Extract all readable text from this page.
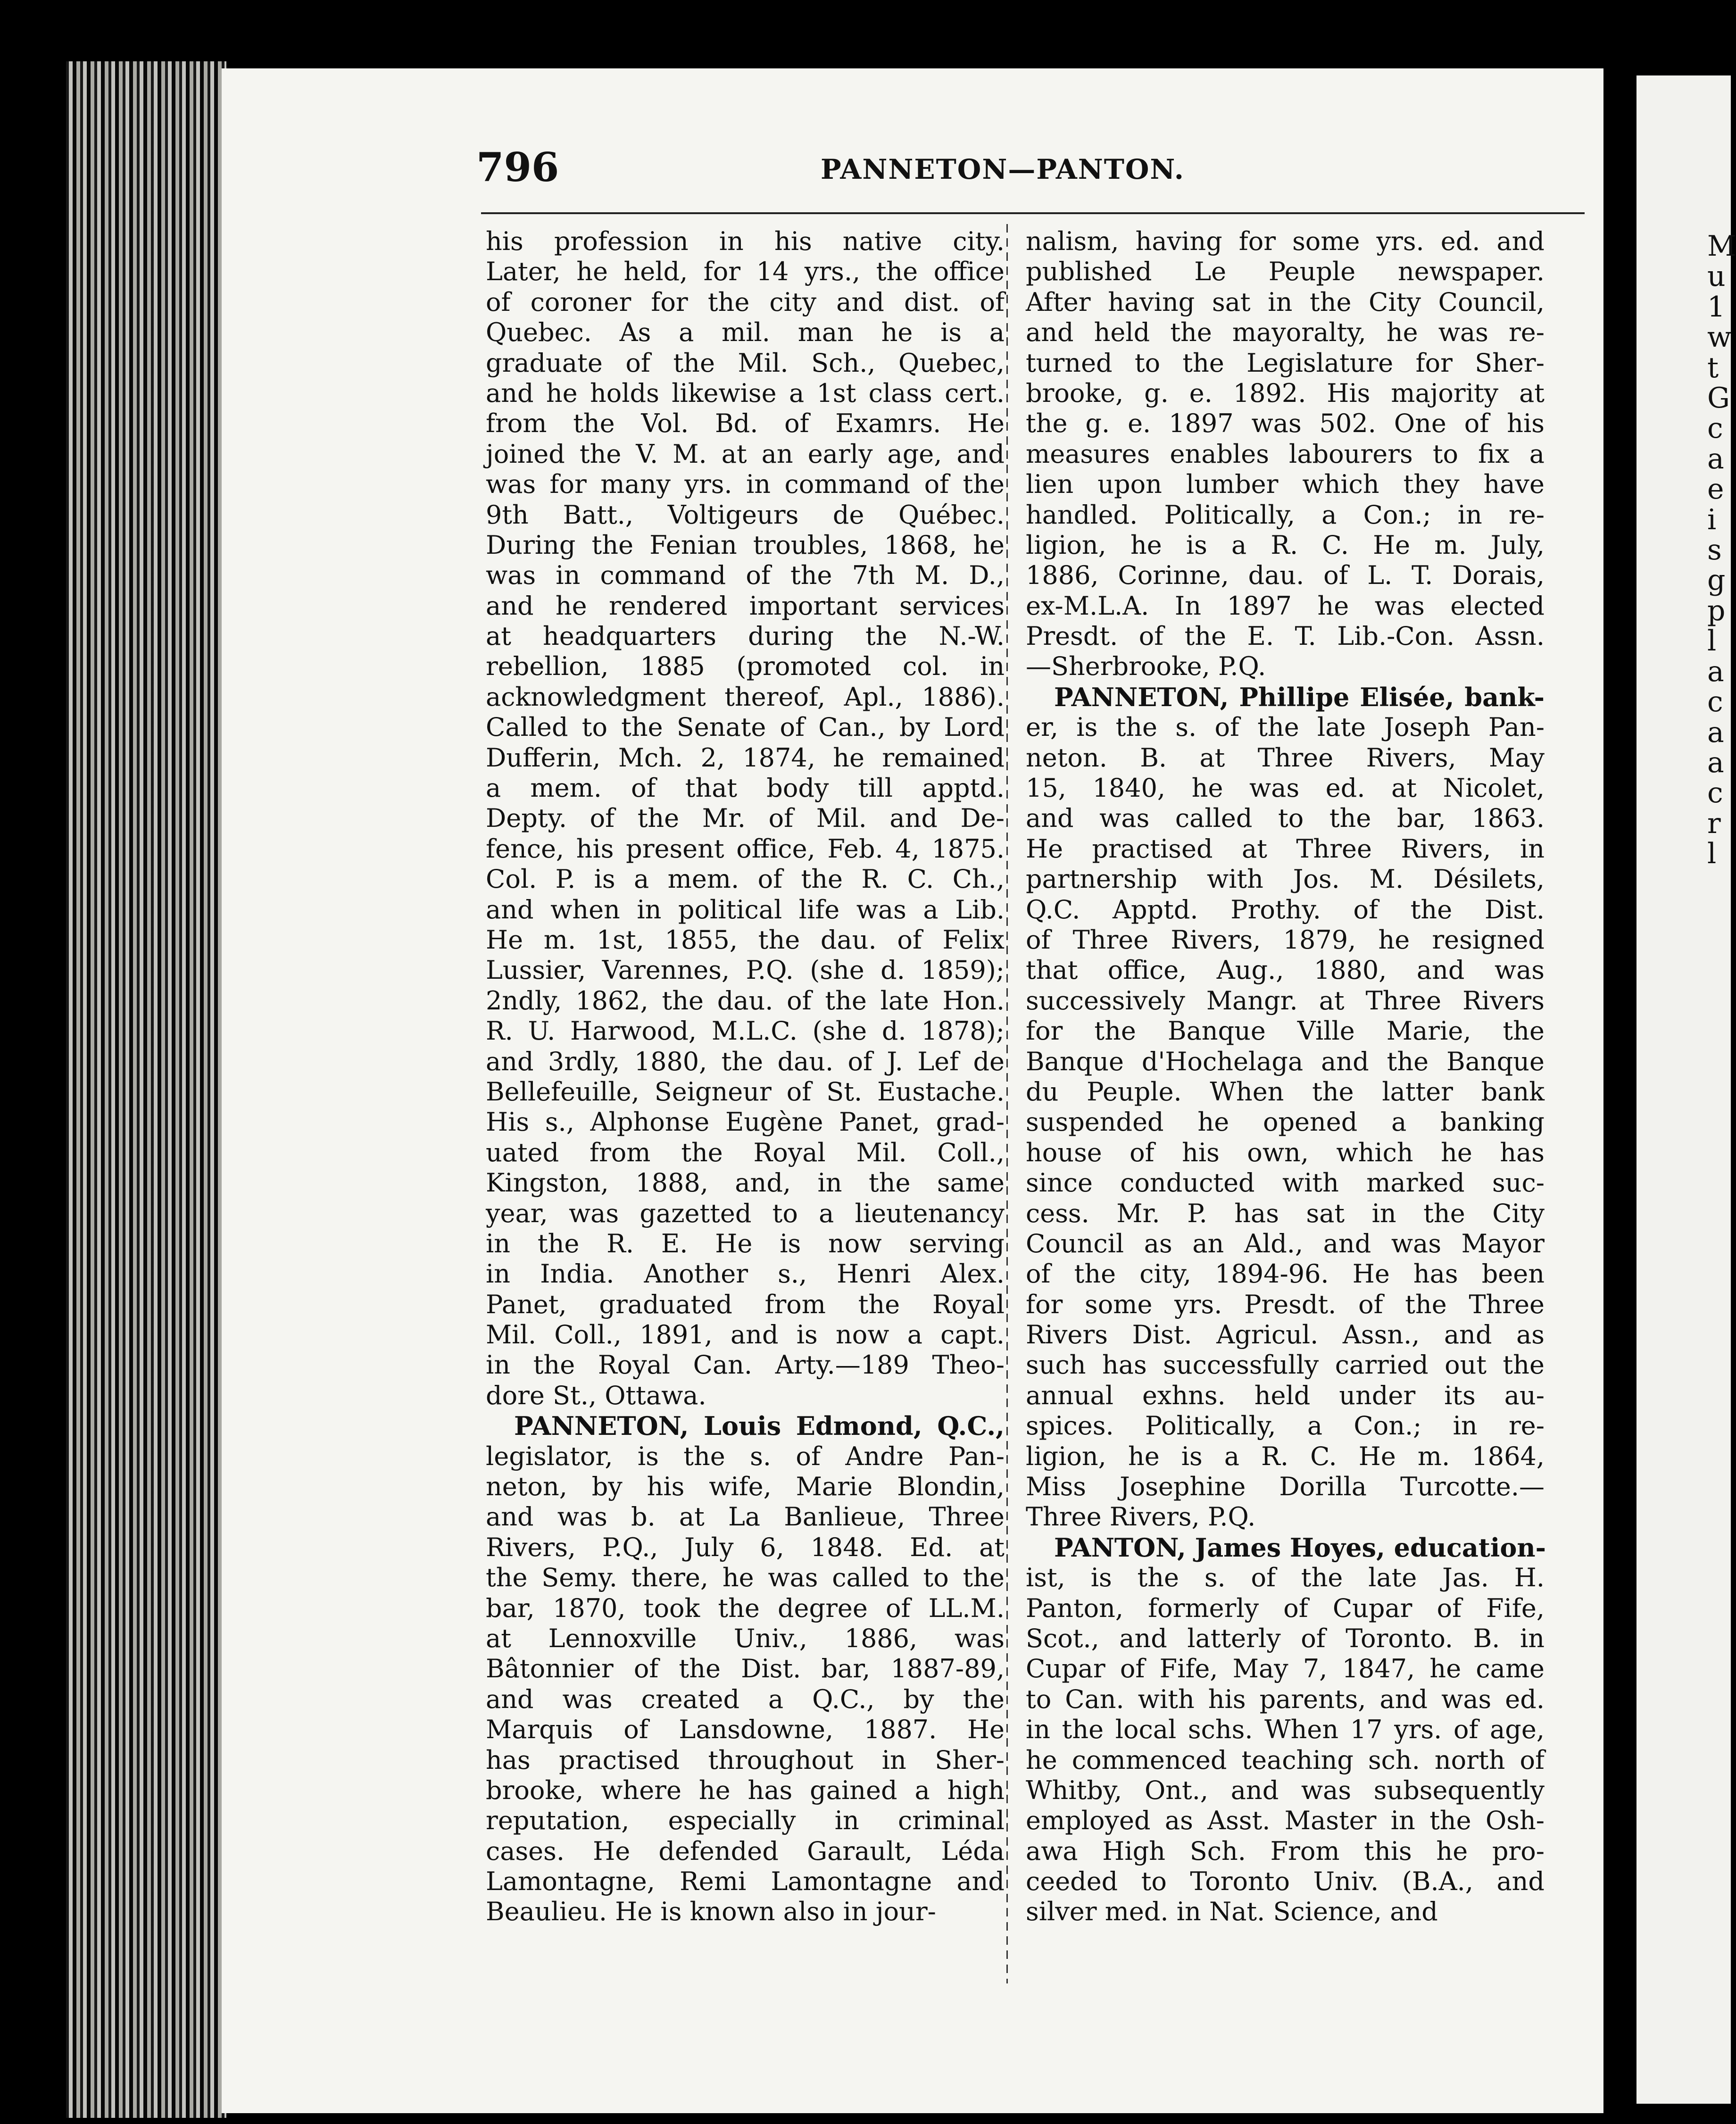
796	PANNETON—PANTON.
his profession in his native city.
Later, he held, for 14 yrs., the office
of coroner for the city and dist. of
Quebec. As a mil. man he is a
graduate of the Mil. Sch., Quebec,
and he holds likewise a 1st class cert.
from the Vol. Bd. of Examrs. He
joined the V. M. at an early age, and
was for many yrs. in command of the
9th Batt., Voltigeurs de Québec.
During the Fenian troubles, 1868, he
was in command of the 7th M. D.,
and he rendered important services
at headquarters during the N.-W.
rebellion, 1885 (promoted col. in
acknowledgment thereof, Apl., 1886).
Called to the Senate of Can., by Lord
Dufferin, Mch. 2, 1874, he remained
a mem. of that body till apptd.
Depty. of the Mr. of Mil. and De-
fence, his present office, Feb. 4, 1875.
Col. P. is a mem. of the R. C. Ch.,
and when in political life was a Lib.
He m. 1st, 1855, the dau. of Felix
Lussier, Varennes, P.Q. (she d. 1859);
2ndly, 1862, the dau. of the late Hon.
R. U. Harwood, M.L.C. (she d. 1878);
and 3rdly, 1880, the dau. of J. Lef de
Bellefeuille, Seigneur of St. Eustache.
His s., Alphonse Eugène Panet, grad-
uated from the Royal Mil. Coll.,
Kingston, 1888, and, in the same
year, was gazetted to a lieutenancy
in the R. E. He is now serving
in India. Another s., Henri Alex.
Panet, graduated from the Royal
Mil. Coll., 1891, and is now a capt.
in the Royal Can. Arty.—189 Theo-
dore St., Ottawa.
PANNETON, Louis Edmond, Q.C.,
legislator, is the s. of Andre Pan-
neton, by his wife, Marie Blondin,
and was b. at La Banlieue, Three
Rivers, P.Q., July 6, 1848. Ed. at
the Semy. there, he was called to the
bar, 1870, took the degree of LL.M.
at Lennoxville Univ., 1886, was
Bâtonnier of the Dist. bar, 1887-89,
and was created a Q.C., by the
Marquis of Lansdowne, 1887. He
has practised throughout in Sher-
brooke, where he has gained a high
reputation, especially in criminal
cases. He defended Garault, Léda
Lamontagne, Remi Lamontagne and
Beaulieu. He is known also in jour-
nalism, having for some yrs. ed. and
published Le Peuple newspaper.
After having sat in the City Council,
and held the mayoralty, he was re-
turned to the Legislature for Sher-
brooke, g. e. 1892. His majority at
the g. e. 1897 was 502. One of his
measures enables labourers to fix a
lien upon lumber which they have
handled. Politically, a Con.; in re-
ligion, he is a R. C. He m. July,
1886, Corinne, dau. of L. T. Dorais,
ex-M.L.A. In 1897 he was elected
Presdt. of the E. T. Lib.-Con. Assn.
—Sherbrooke, P.Q.
PANNETON, Phillipe Elisée, bank-
er, is the s. of the late Joseph Pan-
neton. B. at Three Rivers, May
15, 1840, he was ed. at Nicolet,
and was called to the bar, 1863.
He practised at Three Rivers, in
partnership with Jos. M. Désilets,
Q.C. Apptd. Prothy. of the Dist.
of Three Rivers, 1879, he resigned
that office, Aug., 1880, and was
successively Mangr. at Three Rivers
for the Banque Ville Marie, the
Banque d'Hochelaga and the Banque
du Peuple. When the latter bank
suspended he opened a banking
house of his own, which he has
since conducted with marked suc-
cess. Mr. P. has sat in the City
Council as an Ald., and was Mayor
of the city, 1894-96. He has been
for some yrs. Presdt. of the Three
Rivers Dist. Agricul. Assn., and as
such has successfully carried out the
annual exhns. held under its au-
spices. Politically, a Con.; in re-
ligion, he is a R. C. He m. 1864,
Miss Josephine Dorilla Turcotte.—
Three Rivers, P.Q.
PANTON, James Hoyes, education-
ist, is the s. of the late Jas. H.
Panton, formerly of Cupar of Fife,
Scot., and latterly of Toronto. B. in
Cupar of Fife, May 7, 1847, he came
to Can. with his parents, and was ed.
in the local schs. When 17 yrs. of age,
he commenced teaching sch. north of
Whitby, Ont., and was subsequently
employed as Asst. Master in the Osh-
awa High Sch. From this he pro-
ceeded to Toronto Univ. (B.A., and
silver med. in Nat. Science, and
M
u
1
w
t
G
c
a
e
i
s
g
p
l
a
c
a
a
c
r
l
